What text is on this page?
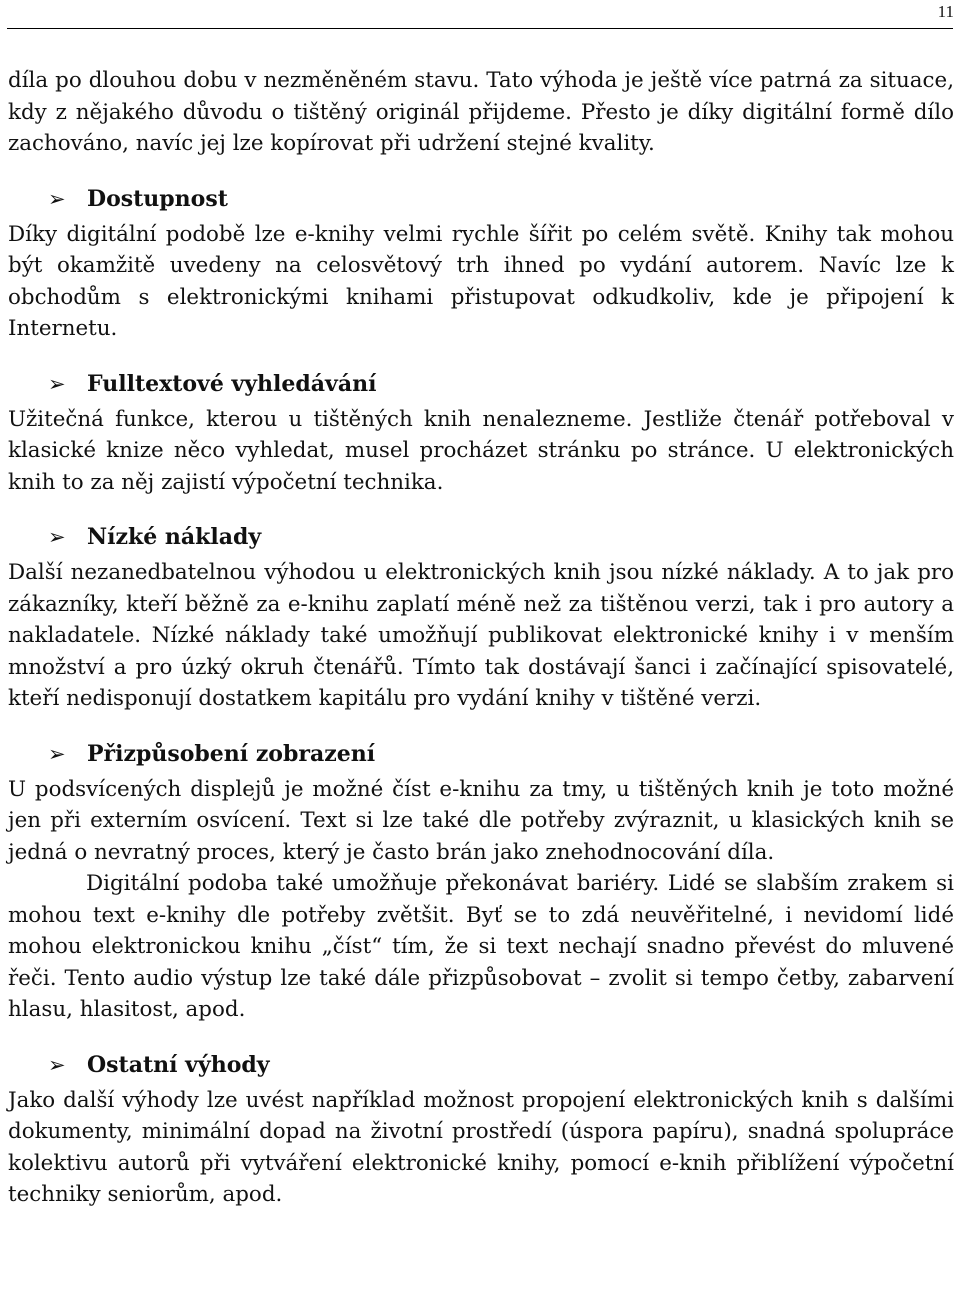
11

díla po dlouhou dobu v nezměněném stavu. Tato výhoda je ještě více patrná za situace, kdy z nějakého důvodu o tištěný originál přijdeme. Přesto je díky digitální formě dílo zachováno, navíc jej lze kopírovat při udržení stejné kvality.

➢ Dostupnost

Díky digitální podobě lze e-knihy velmi rychle šířit po celém světě. Knihy tak mohou být okamžitě uvedeny na celosvětový trh ihned po vydání autorem. Navíc lze k obchodům s elektronickými knihami přistupovat odkudkoliv, kde je připojení k Internetu.

➢ Fulltextové vyhledávání

Užitečná funkce, kterou u tištěných knih nenalezneme. Jestliže čtenář potřeboval v klasické knize něco vyhledat, musel procházet stránku po stránce. U elektronických knih to za něj zajistí výpočetní technika.

➢ Nízké náklady

Další nezanedbatelnou výhodou u elektronických knih jsou nízké náklady. A to jak pro zákazníky, kteří běžně za e-knihu zaplatí méně než za tištěnou verzi, tak i pro autory a nakladatele. Nízké náklady také umožňují publikovat elektronické knihy i v menším množství a pro úzký okruh čtenářů. Tímto tak dostávají šanci i začínající spisovatelé, kteří nedisponují dostatkem kapitálu pro vydání knihy v tištěné verzi.

➢ Přizpůsobení zobrazení

U podsvícených displejů je možné číst e-knihu za tmy, u tištěných knih je toto možné jen při externím osvícení. Text si lze také dle potřeby zvýraznit, u klasických knih se jedná o nevratný proces, který je často brán jako znehodnocování díla.

Digitální podoba také umožňuje překonávat bariéry. Lidé se slabším zrakem si mohou text e-knihy dle potřeby zvětšit. Byť se to zdá neuvěřitelné, i nevidomí lidé mohou elektronickou knihu „číst“ tím, že si text nechají snadno převést do mluvené řeči. Tento audio výstup lze také dále přizpůsobovat – zvolit si tempo četby, zabarvení hlasu, hlasitost, apod.

➢ Ostatní výhody

Jako další výhody lze uvést například možnost propojení elektronických knih s dalšími dokumenty, minimální dopad na životní prostředí (úspora papíru), snadná spolupráce kolektivu autorů při vytváření elektronické knihy, pomocí e-knih přiblížení výpočetní techniky seniorům, apod.
